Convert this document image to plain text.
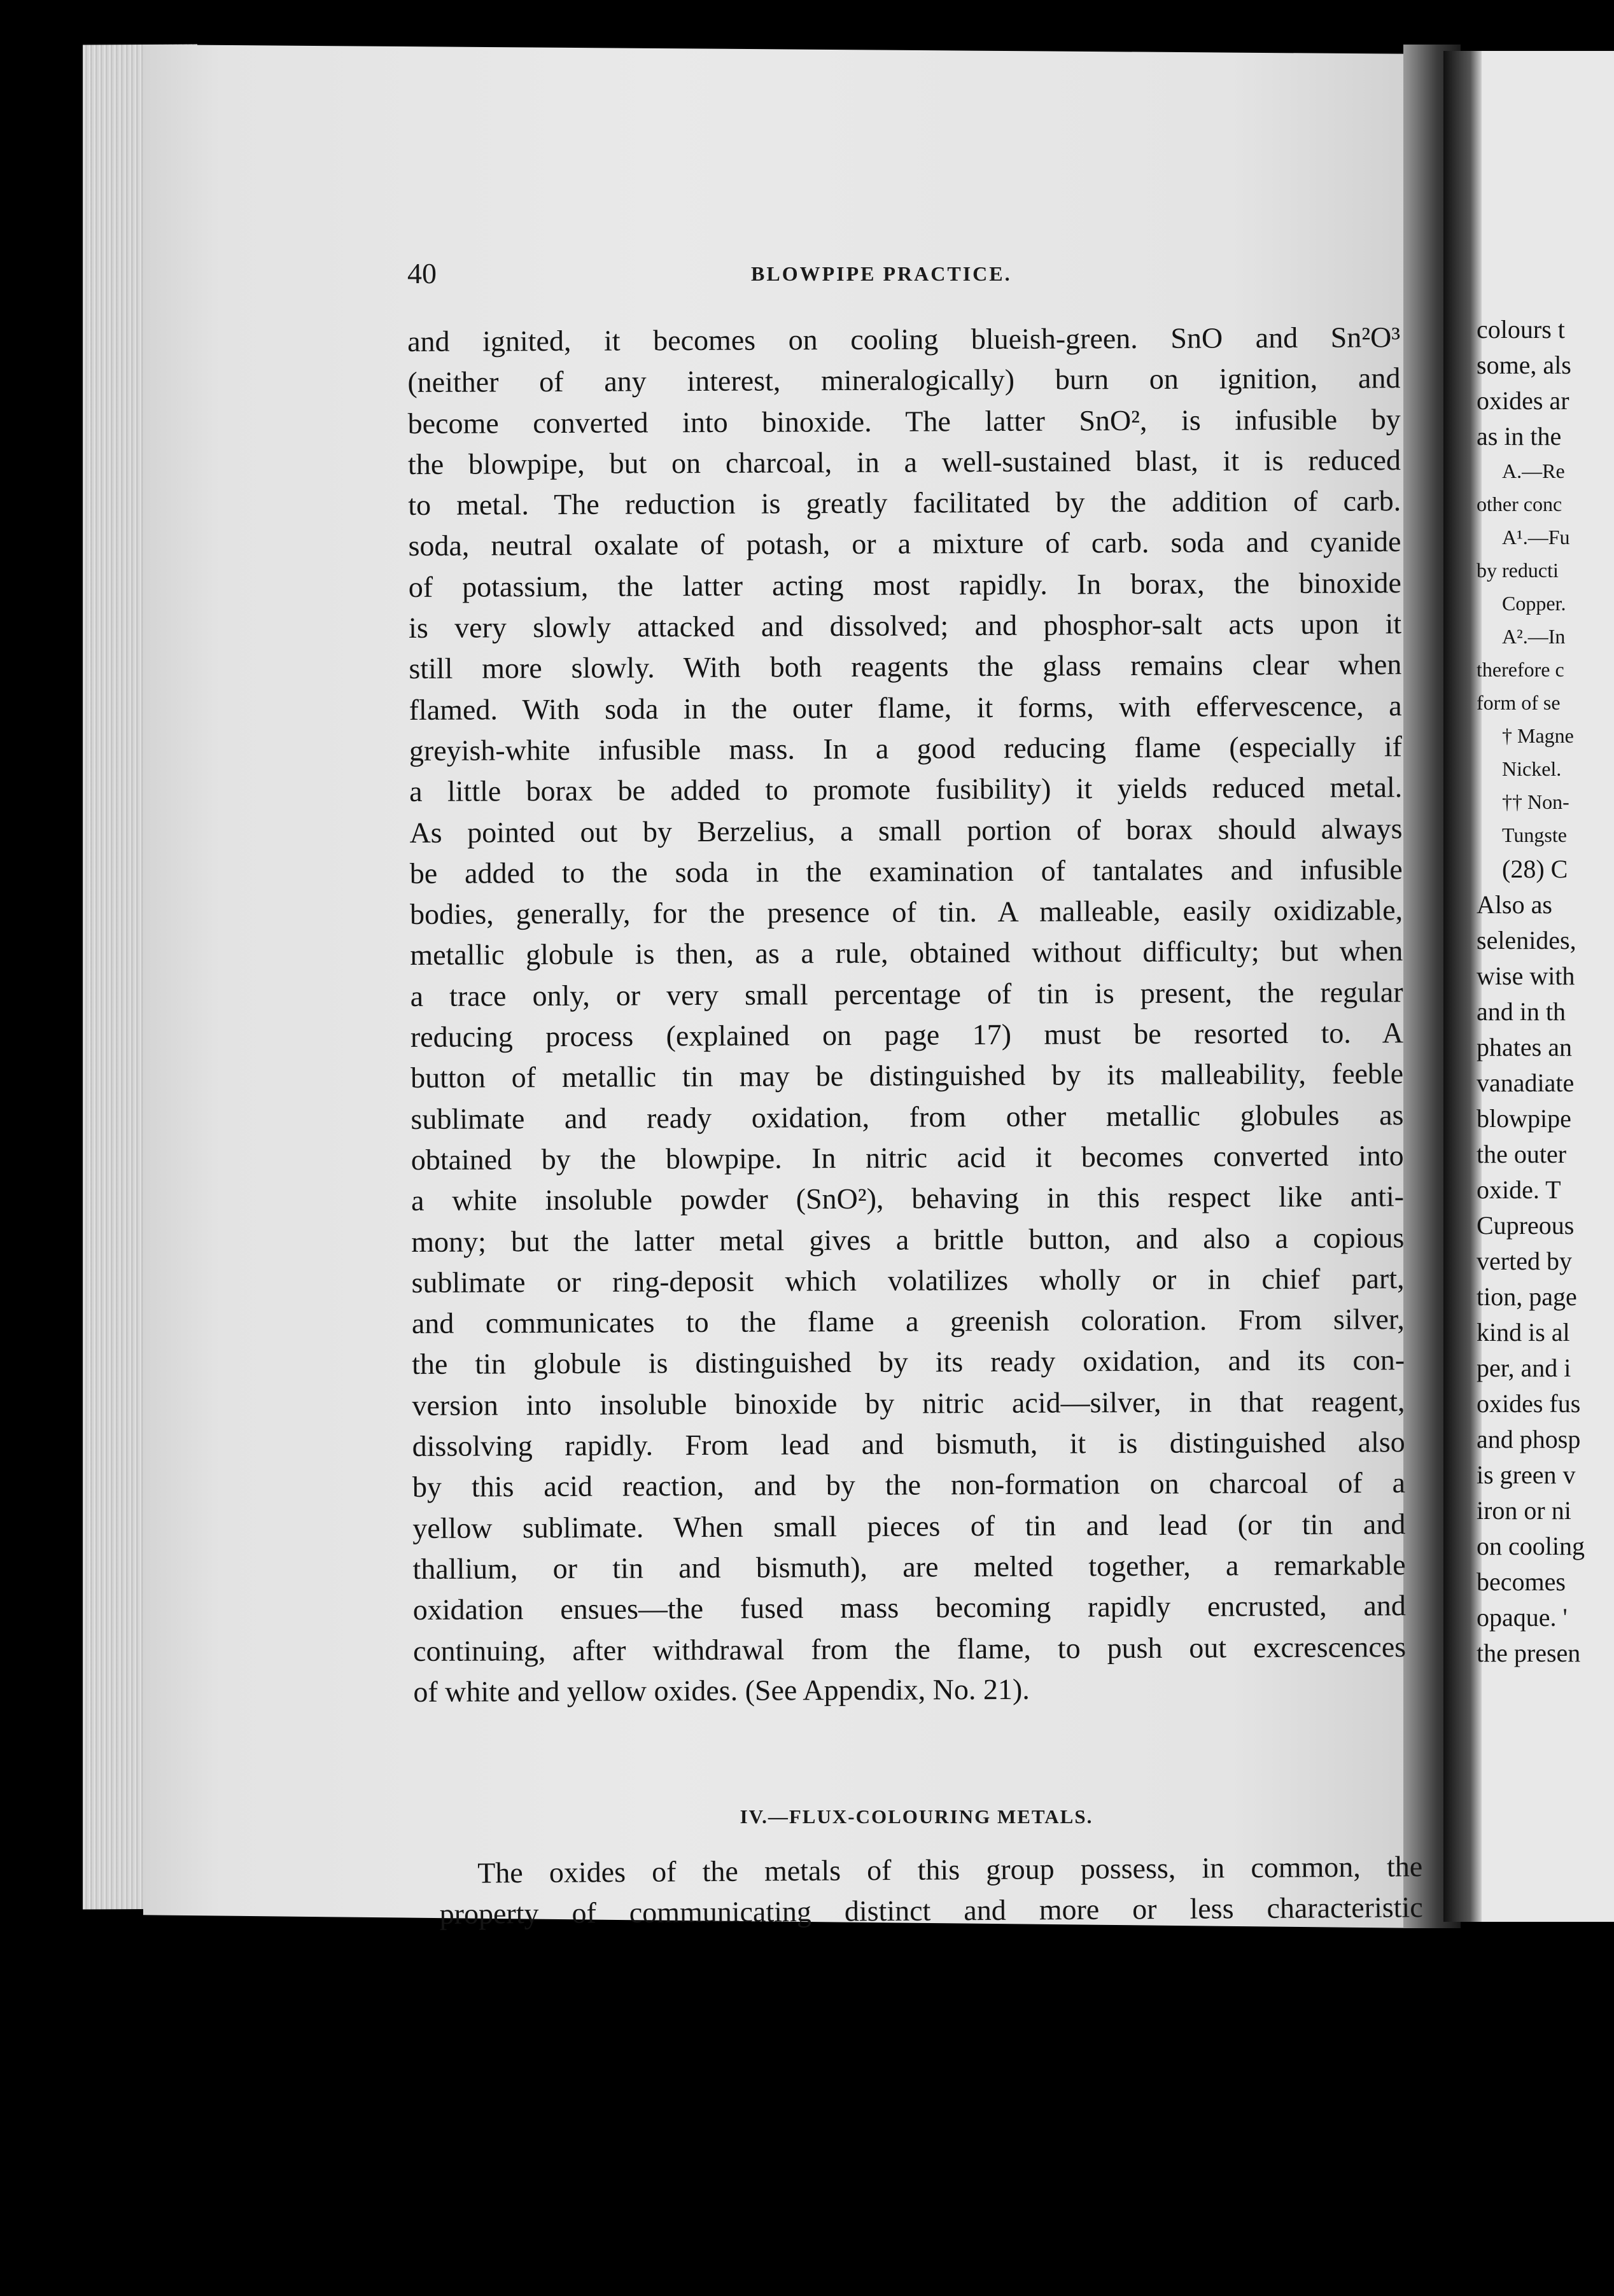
40	BLOWPIPE PRACTICE.
and ignited, it becomes on cooling blueish-green. SnO and Sn²O³
(neither of any interest, mineralogically) burn on ignition, and
become converted into binoxide. The latter SnO², is infusible by
the blowpipe, but on charcoal, in a well-sustained blast, it is reduced
to metal. The reduction is greatly facilitated by the addition of carb.
soda, neutral oxalate of potash, or a mixture of carb. soda and cyanide
of potassium, the latter acting most rapidly. In borax, the binoxide
is very slowly attacked and dissolved; and phosphor-salt acts upon it
still more slowly. With both reagents the glass remains clear when
flamed. With soda in the outer flame, it forms, with effervescence, a
greyish-white infusible mass. In a good reducing flame (especially if
a little borax be added to promote fusibility) it yields reduced metal.
As pointed out by Berzelius, a small portion of borax should always
be added to the soda in the examination of tantalates and infusible
bodies, generally, for the presence of tin. A malleable, easily oxidizable,
metallic globule is then, as a rule, obtained without difficulty; but when
a trace only, or very small percentage of tin is present, the regular
reducing process (explained on page 17) must be resorted to. A
button of metallic tin may be distinguished by its malleability, feeble
sublimate and ready oxidation, from other metallic globules as
obtained by the blowpipe. In nitric acid it becomes converted into
a white insoluble powder (SnO²), behaving in this respect like anti-
mony; but the latter metal gives a brittle button, and also a copious
sublimate or ring-deposit which volatilizes wholly or in chief part,
and communicates to the flame a greenish coloration. From silver,
the tin globule is distinguished by its ready oxidation, and its con-
version into insoluble binoxide by nitric acid—silver, in that reagent,
dissolving rapidly. From lead and bismuth, it is distinguished also
by this acid reaction, and by the non-formation on charcoal of a
yellow sublimate. When small pieces of tin and lead (or tin and
thallium, or tin and bismuth), are melted together, a remarkable
oxidation ensues—the fused mass becoming rapidly encrusted, and
continuing, after withdrawal from the flame, to push out excrescences
of white and yellow oxides. (See Appendix, No. 21).
IV.—FLUX-COLOURING METALS.
The oxides of the metals of this group possess, in common, the
property of communicating distinct and more or less characteristic
colours t
some, als
oxides ar
as in the
A.—Re
other conc
A¹.—Fu
by reducti
Copper.
A².—In
therefore c
form of se
† Magne
Nickel.
†† Non-
Tungste
(28) C
Also as
selenides,
wise with
and in th
phates an
vanadiate
blowpipe
the outer
oxide. T
Cupreous
verted by
tion, page
kind is al
per, and i
oxides fus
and phosp
is green v
iron or ni
on cooling
becomes
opaque. '
the presen
